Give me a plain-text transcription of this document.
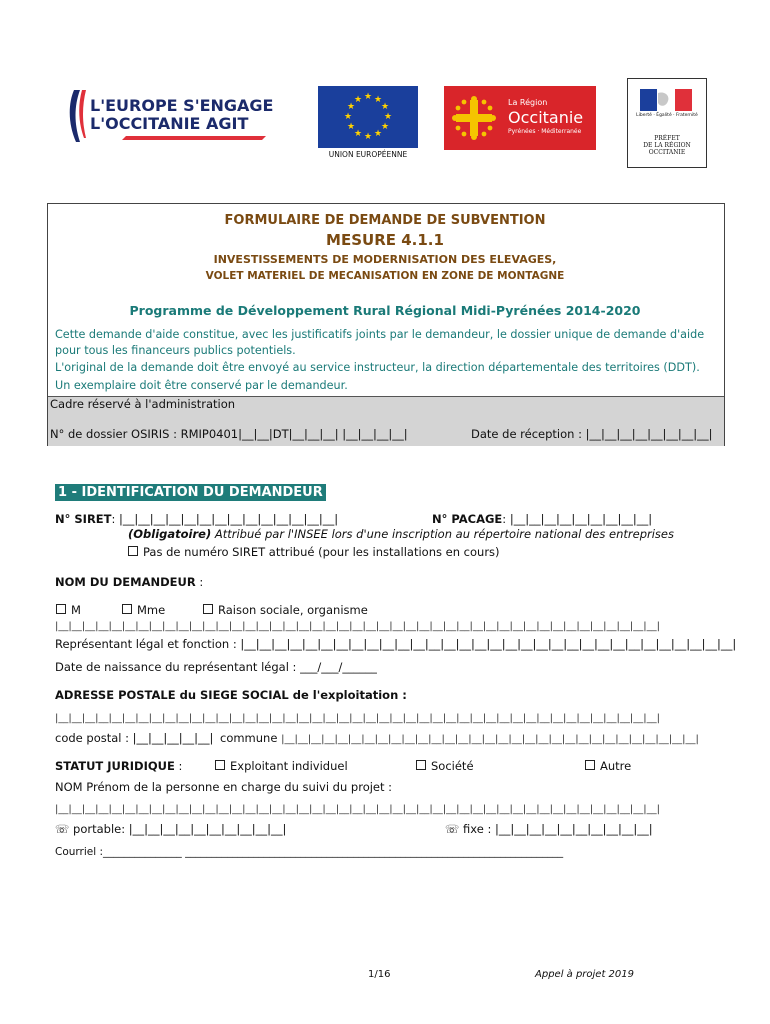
L'EUROPE S'ENGAGE
L'OCCITANIE AGIT
★ ★
★
★
★
★
★
★
★
★
★
★
UNION EUROPÉENNE
La Région
Occitanie
Pyrénées · Méditerranée
Liberté · Égalité · Fraternité
PRÉFET
DE LA RÉGION
OCCITANIE
FORMULAIRE DE DEMANDE DE SUBVENTION
MESURE 4.1.1
INVESTISSEMENTS DE MODERNISATION DES ELEVAGES,
VOLET MATERIEL DE MECANISATION EN ZONE DE MONTAGNE
Programme de Développement Rural Régional Midi-Pyrénées 2014-2020
Cette demande d'aide constitue, avec les justificatifs joints par le demandeur, le dossier unique de demande d'aide
pour tous les financeurs publics potentiels.
L'original de la demande doit être envoyé au service instructeur, la direction départementale des territoires (DDT).
Un exemplaire doit être conservé par le demandeur.
Cadre réservé à l'administration
N° de dossier OSIRIS : RMIP0401|__|__|DT|__|__|__| |__|__|__|__|	Date de réception : |__|__|__|__|__|__|__|__|
1 - IDENTIFICATION DU DEMANDEUR
N° SIRET: |__|__|__|__|__|__|__|__|__|__|__|__|__|__|	N° PACAGE: |__|__|__|__|__|__|__|__|__|
(Obligatoire) Attribué par l'INSEE lors d'une inscription au répertoire national des entreprises
Pas de numéro SIRET attribué (pour les installations en cours)
NOM DU DEMANDEUR :
M	Mme	Raison sociale, organisme
|__|__|__|__|__|__|__|__|__|__|__|__|__|__|__|__|__|__|__|__|__|__|__|__|__|__|__|__|__|__|__|__|__|__|__|__|__|__|__|__|__|__|__|__|__|
Représentant légal et fonction : |__|__|__|__|__|__|__|__|__|__|__|__|__|__|__|__|__|__|__|__|__|__|__|__|__|__|__|__|__|__|__|__|
Date de naissance du représentant légal : ___/___/______
ADRESSE POSTALE du SIEGE SOCIAL de l'exploitation :
|__|__|__|__|__|__|__|__|__|__|__|__|__|__|__|__|__|__|__|__|__|__|__|__|__|__|__|__|__|__|__|__|__|__|__|__|__|__|__|__|__|__|__|__|__|
code postal : |__|__|__|__|__| commune |__|__|__|__|__|__|__|__|__|__|__|__|__|__|__|__|__|__|__|__|__|__|__|__|__|__|__|__|__|__|__|
STATUT JURIDIQUE :	Exploitant individuel	Société	Autre
NOM Prénom de la personne en charge du suivi du projet :
|__|__|__|__|__|__|__|__|__|__|__|__|__|__|__|__|__|__|__|__|__|__|__|__|__|__|__|__|__|__|__|__|__|__|__|__|__|__|__|__|__|__|__|__|__|
☏ portable: |__|__|__|__|__|__|__|__|__|__|	☏ fixe : |__|__|__|__|__|__|__|__|__|__|
Courriel :_______________ ________________________________________________________________________
1/16	Appel à projet 2019
